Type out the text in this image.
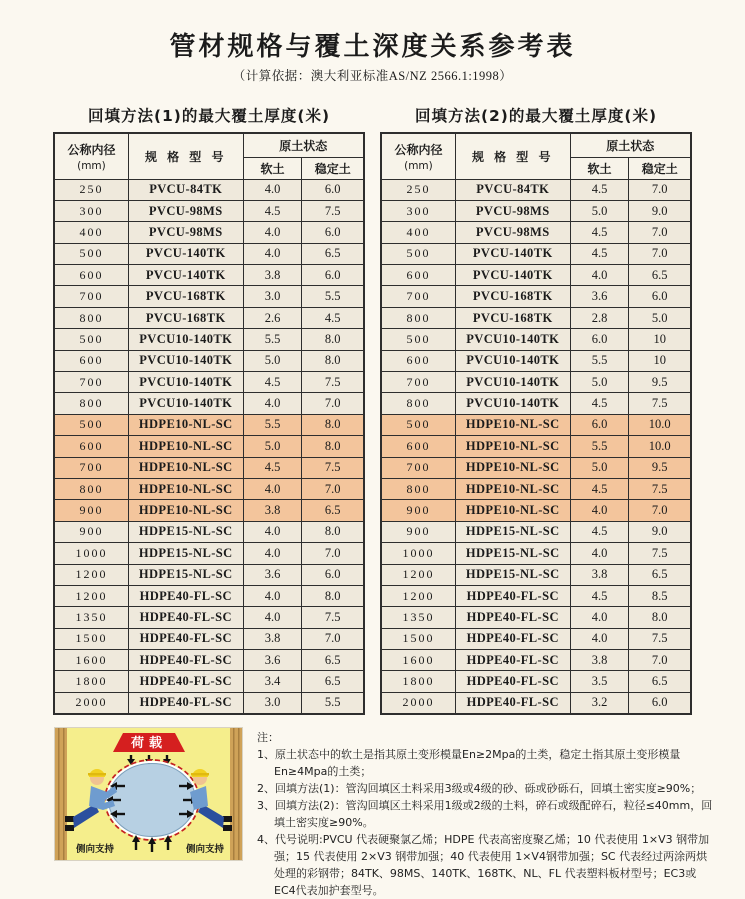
管材规格与覆土深度关系参考表
（计算依据：澳大利亚标准AS/NZ 2566.1:1998）
回填方法(1)的最大覆土厚度(米)
公称内径
(mm)	规 格 型 号	原土状态	
		软土	稳定土
250	PVCU-84TK	4.0	6.0
300	PVCU-98MS	4.5	7.5
400	PVCU-98MS	4.0	6.0
500	PVCU-140TK	4.0	6.5
600	PVCU-140TK	3.8	6.0
700	PVCU-168TK	3.0	5.5
800	PVCU-168TK	2.6	4.5
500	PVCU10-140TK	5.5	8.0
600	PVCU10-140TK	5.0	8.0
700	PVCU10-140TK	4.5	7.5
800	PVCU10-140TK	4.0	7.0
500	HDPE10-NL-SC	5.5	8.0
600	HDPE10-NL-SC	5.0	8.0
700	HDPE10-NL-SC	4.5	7.5
800	HDPE10-NL-SC	4.0	7.0
900	HDPE10-NL-SC	3.8	6.5
900	HDPE15-NL-SC	4.0	8.0
1000	HDPE15-NL-SC	4.0	7.0
1200	HDPE15-NL-SC	3.6	6.0
1200	HDPE40-FL-SC	4.0	8.0
1350	HDPE40-FL-SC	4.0	7.5
1500	HDPE40-FL-SC	3.8	7.0
1600	HDPE40-FL-SC	3.6	6.5
1800	HDPE40-FL-SC	3.4	6.5
2000	HDPE40-FL-SC	3.0	5.5
回填方法(2)的最大覆土厚度(米)
公称内径
(mm)	规 格 型 号	原土状态	
		软土	稳定土
250	PVCU-84TK	4.5	7.0
300	PVCU-98MS	5.0	9.0
400	PVCU-98MS	4.5	7.0
500	PVCU-140TK	4.5	7.0
600	PVCU-140TK	4.0	6.5
700	PVCU-168TK	3.6	6.0
800	PVCU-168TK	2.8	5.0
500	PVCU10-140TK	6.0	10
600	PVCU10-140TK	5.5	10
700	PVCU10-140TK	5.0	9.5
800	PVCU10-140TK	4.5	7.5
500	HDPE10-NL-SC	6.0	10.0
600	HDPE10-NL-SC	5.5	10.0
700	HDPE10-NL-SC	5.0	9.5
800	HDPE10-NL-SC	4.5	7.5
900	HDPE10-NL-SC	4.0	7.0
900	HDPE15-NL-SC	4.5	9.0
1000	HDPE15-NL-SC	4.0	7.5
1200	HDPE15-NL-SC	3.8	6.5
1200	HDPE40-FL-SC	4.5	8.5
1350	HDPE40-FL-SC	4.0	8.0
1500	HDPE40-FL-SC	4.0	7.5
1600	HDPE40-FL-SC	3.8	7.0
1800	HDPE40-FL-SC	3.5	6.5
2000	HDPE40-FL-SC	3.2	6.0
荷载
侧向支持	侧向支持
注：
1、原土状态中的软土是指其原土变形模量En≥2Mpa的土类，稳定土指其原土变形模量En≥4Mpa的土类；
2、回填方法(1)：管沟回填区土料采用3级或4级的砂、砾或砂砾石，回填土密实度≥90%；
3、回填方法(2)：管沟回填区土料采用1级或2级的土料，碎石或级配碎石，粒径≤40mm，回填土密实度≥90%。
4、代号说明:PVCU 代表硬聚氯乙烯；HDPE 代表高密度聚乙烯；10 代表使用 1×V3 钢带加强；15 代表使用 2×V3 钢带加强；40 代表使用 1×V4钢带加强；SC 代表经过两涂两烘处理的彩钢带；84TK、98MS、140TK、168TK、NL、FL 代表塑料板材型号；EC3或EC4代表加护套型号。
